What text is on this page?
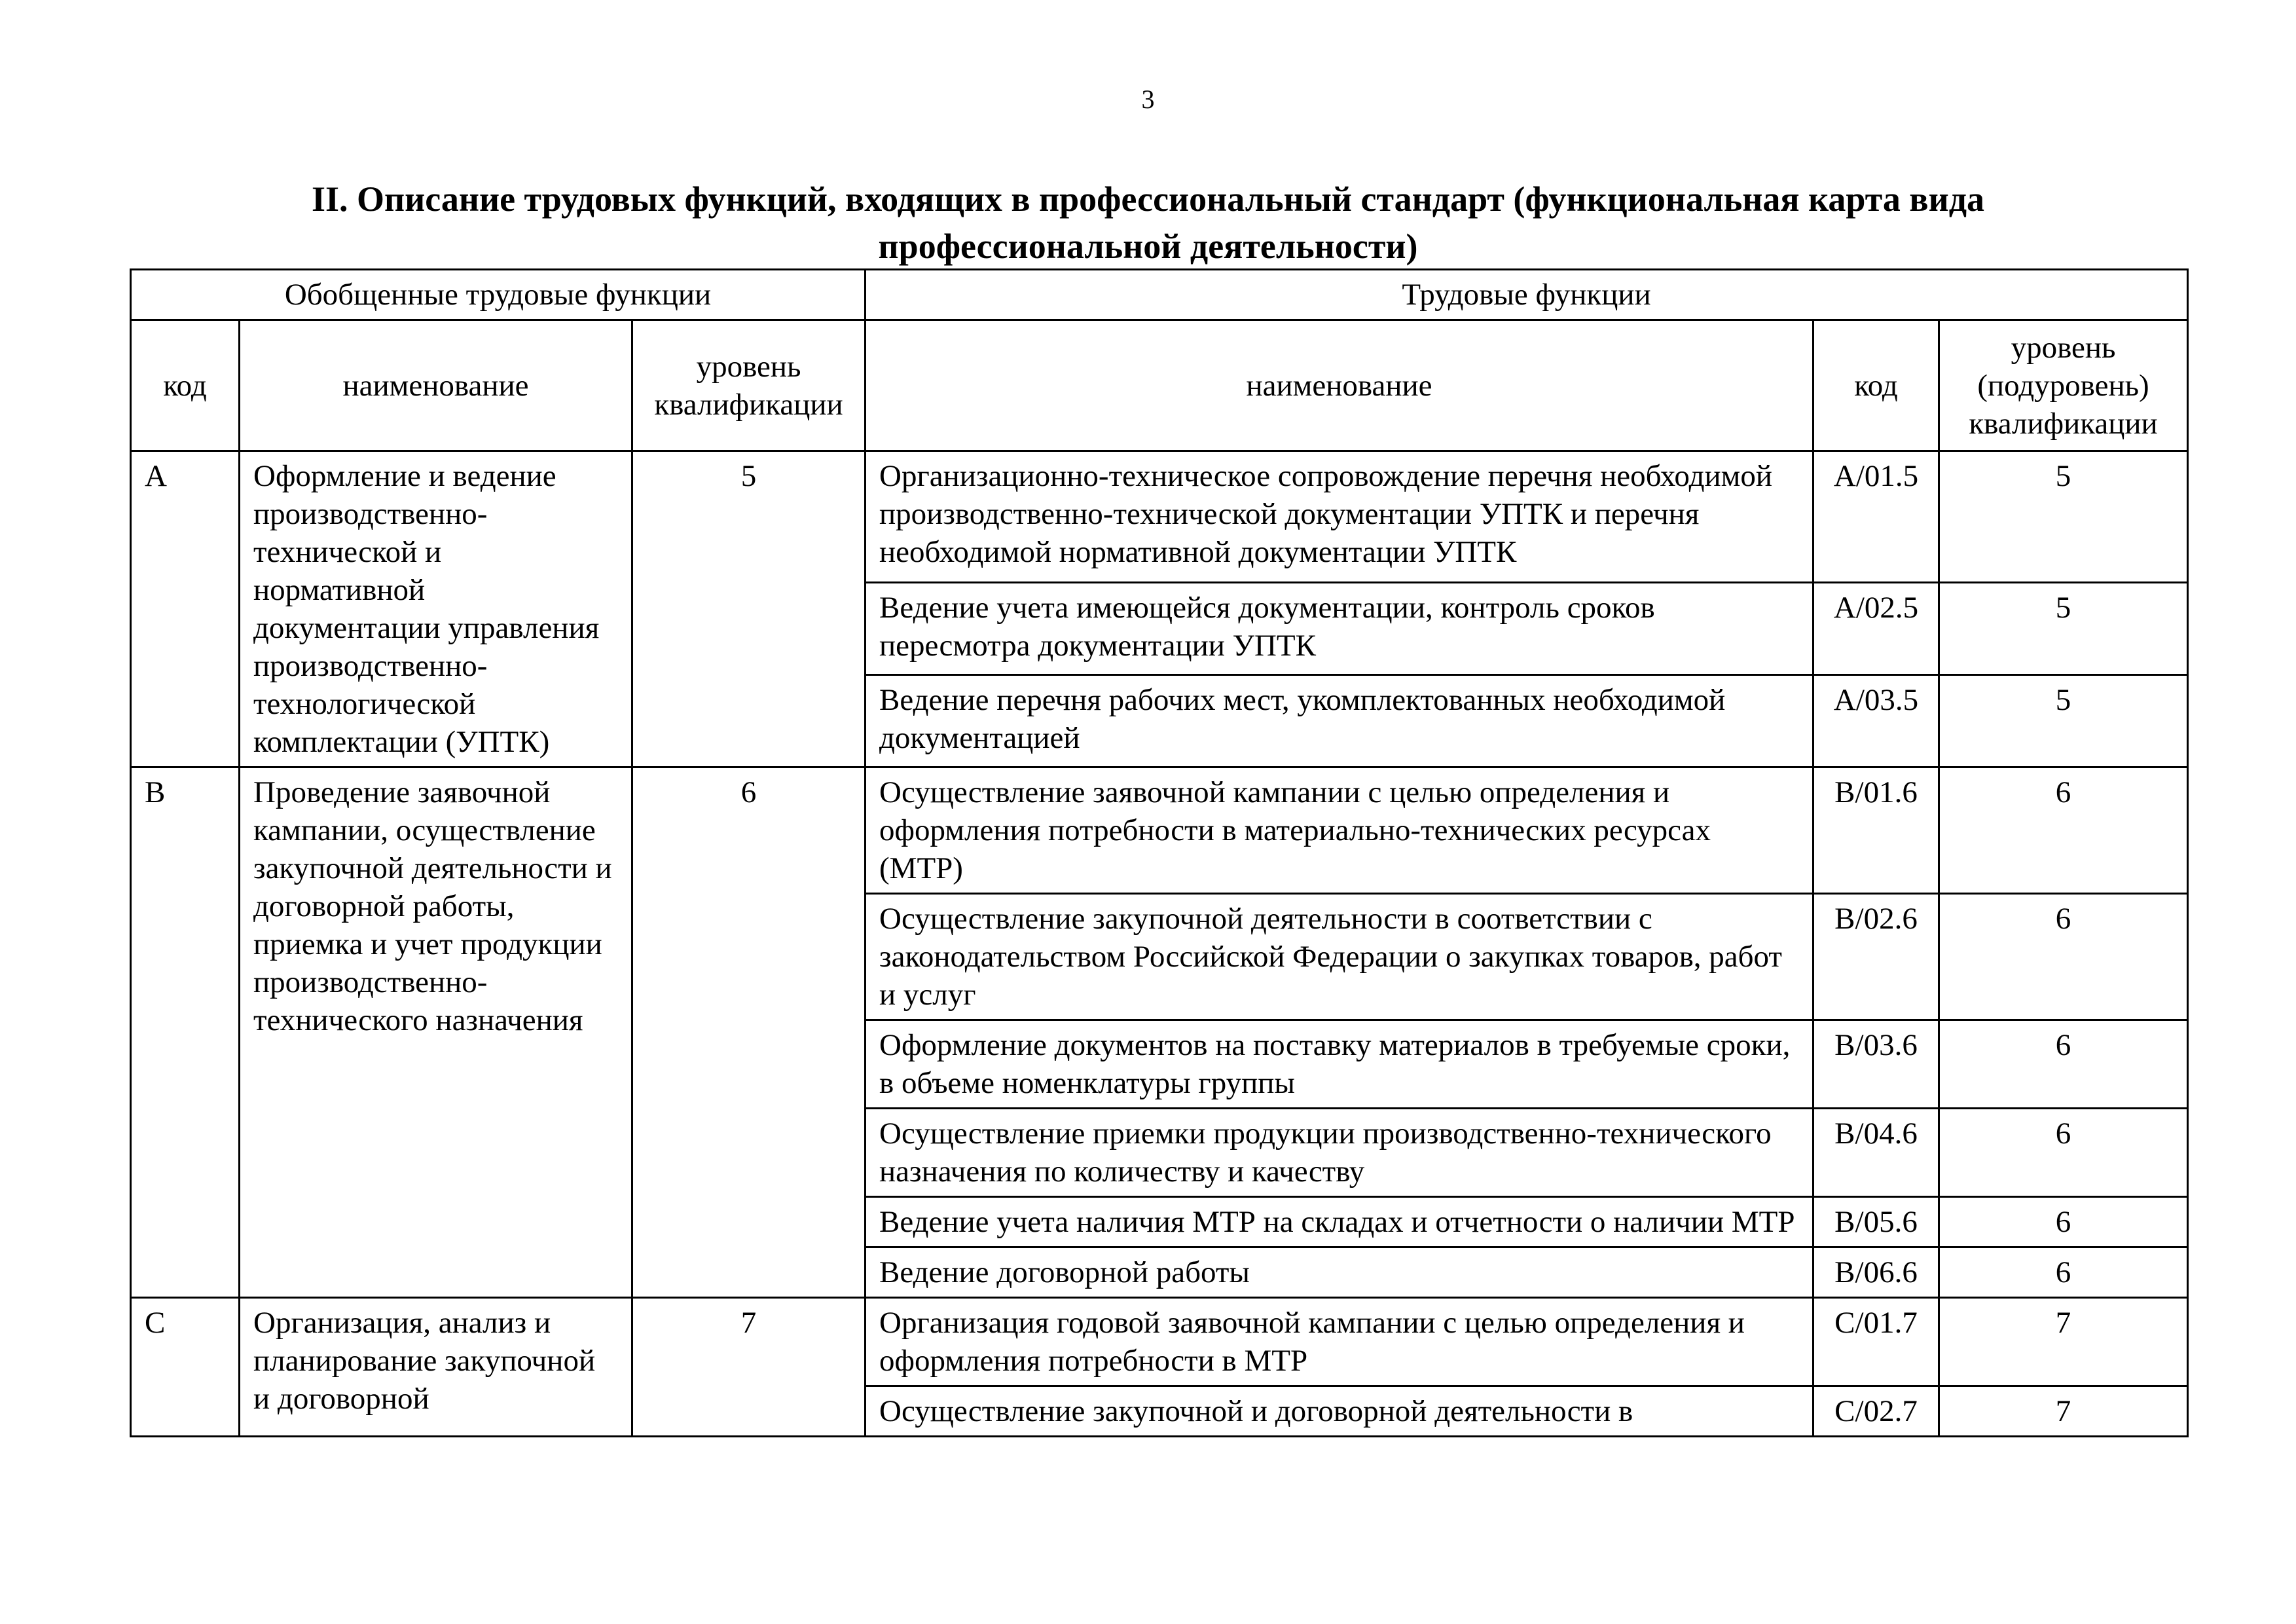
3
II. Описание трудовых функций, входящих в профессиональный стандарт (функциональная карта вида
профессиональной деятельности)
Обобщенные трудовые функции			Трудовые функции		
код	наименование	уровень квалификации	наименование	код	уровень (подуровень) квалификации
A	Оформление и ведение производственно-технической и нормативной документации управления производственно-технологической комплектации (УПТК)	5	Организационно-техническое сопровождение перечня необходимой производственно-технической документации УПТК и перечня необходимой нормативной документации УПТК	A/01.5	5
			Ведение учета имеющейся документации, контроль сроков пересмотра документации УПТК	A/02.5	5
			Ведение перечня рабочих мест, укомплектованных необходимой документацией	A/03.5	5
B	Проведение заявочной кампании, осуществление закупочной деятельности и договорной работы, приемка и учет продукции производственно-технического назначения	6	Осуществление заявочной кампании с целью определения и оформления потребности в материально-технических ресурсах (МТР)	B/01.6	6
			Осуществление закупочной деятельности в соответствии с законодательством Российской Федерации о закупках товаров, работ и услуг	B/02.6	6
			Оформление документов на поставку материалов в требуемые сроки, в объеме номенклатуры группы	B/03.6	6
			Осуществление приемки продукции производственно-технического назначения по количеству и качеству	B/04.6	6
			Ведение учета наличия МТР на складах и отчетности о наличии МТР	B/05.6	6
			Ведение договорной работы	B/06.6	6
C	Организация, анализ и планирование закупочной и договорной	7	Организация годовой заявочной кампании с целью определения и оформления потребности в МТР	C/01.7	7
			Осуществление закупочной и договорной деятельности в	C/02.7	7
